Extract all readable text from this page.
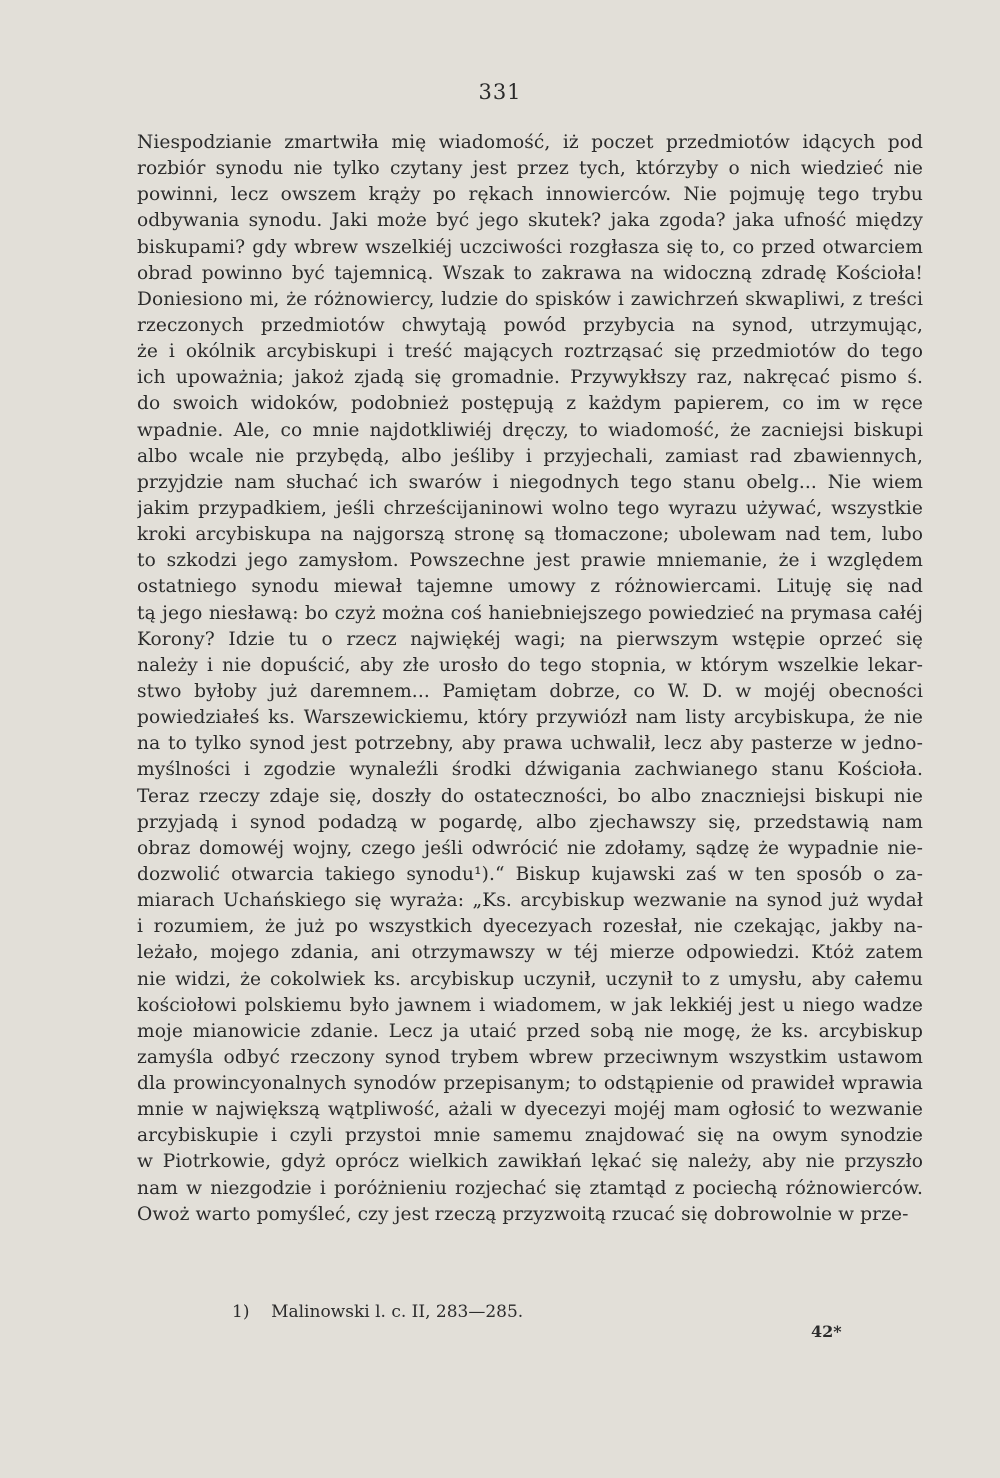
331
Niespodzianie zmartwiła mię wiadomość, iż poczet przedmiotów idących pod
rozbiór synodu nie tylko czytany jest przez tych, którzyby o nich wiedzieć nie
powinni, lecz owszem krąży po rękach innowierców. Nie pojmuję tego trybu
odbywania synodu. Jaki może być jego skutek? jaka zgoda? jaka ufność między
biskupami? gdy wbrew wszelkiéj uczciwości rozgłasza się to, co przed otwarciem
obrad powinno być tajemnicą. Wszak to zakrawa na widoczną zdradę Kościoła!
Doniesiono mi, że różnowiercy, ludzie do spisków i zawichrzeń skwapliwi, z treści
rzeczonych przedmiotów chwytają powód przybycia na synod, utrzymując,
że i okólnik arcybiskupi i treść mających roztrząsać się przedmiotów do tego
ich upoważnia; jakoż zjadą się gromadnie. Przywykłszy raz, nakręcać pismo ś.
do swoich widoków, podobnież postępują z każdym papierem, co im w ręce
wpadnie. Ale, co mnie najdotkliwiéj dręczy, to wiadomość, że zacniejsi biskupi
albo wcale nie przybędą, albo jeśliby i przyjechali, zamiast rad zbawiennych,
przyjdzie nam słuchać ich swarów i niegodnych tego stanu obelg... Nie wiem
jakim przypadkiem, jeśli chrześcijaninowi wolno tego wyrazu używać, wszystkie
kroki arcybiskupa na najgorszą stronę są tłomaczone; ubolewam nad tem, lubo
to szkodzi jego zamysłom. Powszechne jest prawie mniemanie, że i względem
ostatniego synodu miewał tajemne umowy z różnowiercami. Lituję się nad
tą jego niesławą: bo czyż można coś haniebniejszego powiedzieć na prymasa całéj
Korony? Idzie tu o rzecz najwiękéj wagi; na pierwszym wstępie oprzeć się
należy i nie dopuścić, aby złe urosło do tego stopnia, w którym wszelkie lekar-
stwo byłoby już daremnem... Pamiętam dobrze, co W. D. w mojéj obecności
powiedziałeś ks. Warszewickiemu, który przywiózł nam listy arcybiskupa, że nie
na to tylko synod jest potrzebny, aby prawa uchwalił, lecz aby pasterze w jedno-
myślności i zgodzie wynaleźli środki dźwigania zachwianego stanu Kościoła.
Teraz rzeczy zdaje się, doszły do ostateczności, bo albo znaczniejsi biskupi nie
przyjadą i synod podadzą w pogardę, albo zjechawszy się, przedstawią nam
obraz domowéj wojny, czego jeśli odwrócić nie zdołamy, sądzę że wypadnie nie-
dozwolić otwarcia takiego synodu¹).“ Biskup kujawski zaś w ten sposób o za-
miarach Uchańskiego się wyraża: „Ks. arcybiskup wezwanie na synod już wydał
i rozumiem, że już po wszystkich dyecezyach rozesłał, nie czekając, jakby na-
leżało, mojego zdania, ani otrzymawszy w téj mierze odpowiedzi. Któż zatem
nie widzi, że cokolwiek ks. arcybiskup uczynił, uczynił to z umysłu, aby całemu
kościołowi polskiemu było jawnem i wiadomem, w jak lekkiéj jest u niego wadze
moje mianowicie zdanie. Lecz ja utaić przed sobą nie mogę, że ks. arcybiskup
zamyśla odbyć rzeczony synod trybem wbrew przeciwnym wszystkim ustawom
dla prowincyonalnych synodów przepisanym; to odstąpienie od prawideł wprawia
mnie w największą wątpliwość, ażali w dyecezyi mojéj mam ogłosić to wezwanie
arcybiskupie i czyli przystoi mnie samemu znajdować się na owym synodzie
w Piotrkowie, gdyż oprócz wielkich zawikłań lękać się należy, aby nie przyszło
nam w niezgodzie i poróżnieniu rozjechać się ztamtąd z pociechą różnowierców.
Owoż warto pomyśleć, czy jest rzeczą przyzwoitą rzucać się dobrowolnie w prze-
1) Malinowski l. c. II, 283—285.
42*
